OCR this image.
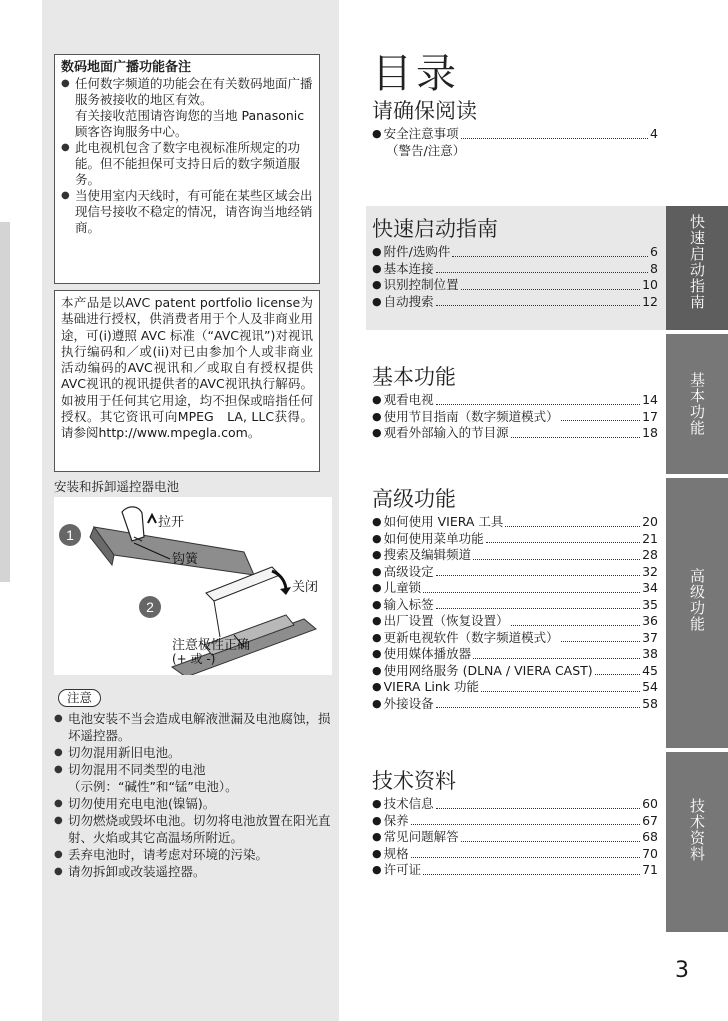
数码地面广播功能备注
● 任何数字频道的功能会在有关数码地面广播服务被接收的地区有效。
有关接收范围请咨询您的当地 Panasonic 顾客咨询服务中心。
● 此电视机包含了数字电视标准所规定的功能。但不能担保可支持日后的数字频道服务。
● 当使用室内天线时，有可能在某些区域会出现信号接收不稳定的情况，请咨询当地经销商。

本产品是以AVC patent portfolio license为基础进行授权，供消费者用于个人及非商业用途，可(i)遵照 AVC 标准（“AVC视讯”)对视讯执行编码和／或(ii)对已由参加个人或非商业活动编码的AVC视讯和／或取自有授权提供AVC视讯的视讯提供者的AVC视讯执行解码。如被用于任何其它用途，均不担保或暗指任何授权。其它资讯可向MPEG　LA, LLC获得。请参阅http://www.mpegla.com。

安装和拆卸遥控器电池
1
2
拉开
钩簧
关闭
注意极性正确
(+ 或 -)
注意
● 电池安装不当会造成电解液泄漏及电池腐蚀，损坏遥控器。
● 切勿混用新旧电池。
● 切勿混用不同类型的电池
（示例：“碱性”和“锰”电池）。
● 切勿使用充电电池(镍镉)。
● 切勿燃烧或毁坏电池。切勿将电池放置在阳光直射、火焰或其它高温场所附近。
● 丢弃电池时，请考虑对环境的污染。
● 请勿拆卸或改装遥控器。
目录
请确保阅读
● 安全注意事项	4
（警告/注意）
快速启动指南
● 附件/选购件	6
● 基本连接	8
● 识别控制位置	10
● 自动搜索	12
基本功能
● 观看电视	14
● 使用节目指南（数字频道模式）	17
● 观看外部输入的节目源	18
高级功能
● 如何使用 VIERA 工具	20
● 如何使用菜单功能	21
● 搜索及编辑频道	28
● 高级设定	32
● 儿童锁	34
● 输入标签	35
● 出厂设置（恢复设置）	36
● 更新电视软件（数字频道模式）	37
● 使用媒体播放器	38
● 使用网络服务 (DLNA / VIERA CAST)	45
● VIERA Link 功能	54
● 外接设备	58
技术资料
● 技术信息	60
● 保养	67
● 常见问题解答	68
● 规格	70
● 许可证	71
快速启动指南
基本功能
高级功能
技术资料
3
